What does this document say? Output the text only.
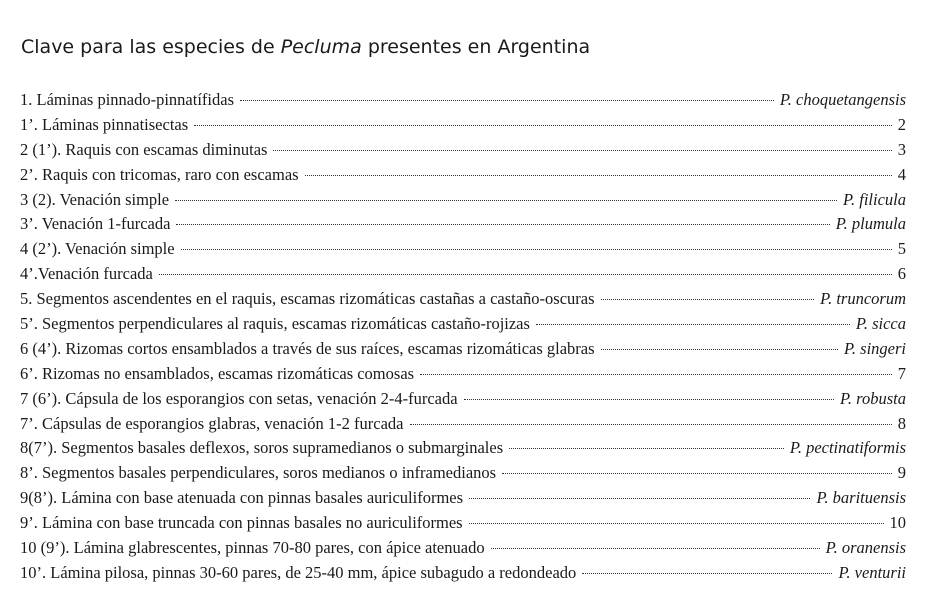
Clave para las especies de Pecluma presentes en Argentina
1. Láminas pinnado-pinnatífidas	P. choquetangensis
1’. Láminas pinnatisectas	2
2 (1’). Raquis con escamas diminutas	3
2’. Raquis con tricomas, raro con escamas	4
3 (2). Venación simple	P. filicula
3’. Venación 1-furcada	P. plumula
4 (2’). Venación simple	5
4’.Venación furcada	6
5. Segmentos ascendentes en el raquis, escamas rizomáticas castañas a castaño-oscuras	P. truncorum
5’. Segmentos perpendiculares al raquis, escamas rizomáticas castaño-rojizas	P. sicca
6 (4’). Rizomas cortos ensamblados a través de sus raíces, escamas rizomáticas glabras	P. singeri
6’. Rizomas no ensamblados, escamas rizomáticas comosas	7
7 (6’). Cápsula de los esporangios con setas, venación 2-4-furcada	P. robusta
7’. Cápsulas de esporangios glabras, venación 1-2 furcada	8
8(7’). Segmentos basales deflexos, soros supramedianos o submarginales	P. pectinatiformis
8’. Segmentos basales perpendiculares, soros medianos o inframedianos	9
9(8’). Lámina con base atenuada con pinnas basales auriculiformes	P. barituensis
9’. Lámina con base truncada con pinnas basales no auriculiformes	10
10 (9’). Lámina glabrescentes, pinnas 70-80 pares, con ápice atenuado	P. oranensis
10’. Lámina pilosa, pinnas 30-60 pares, de 25-40 mm, ápice subagudo a redondeado	P. venturii
